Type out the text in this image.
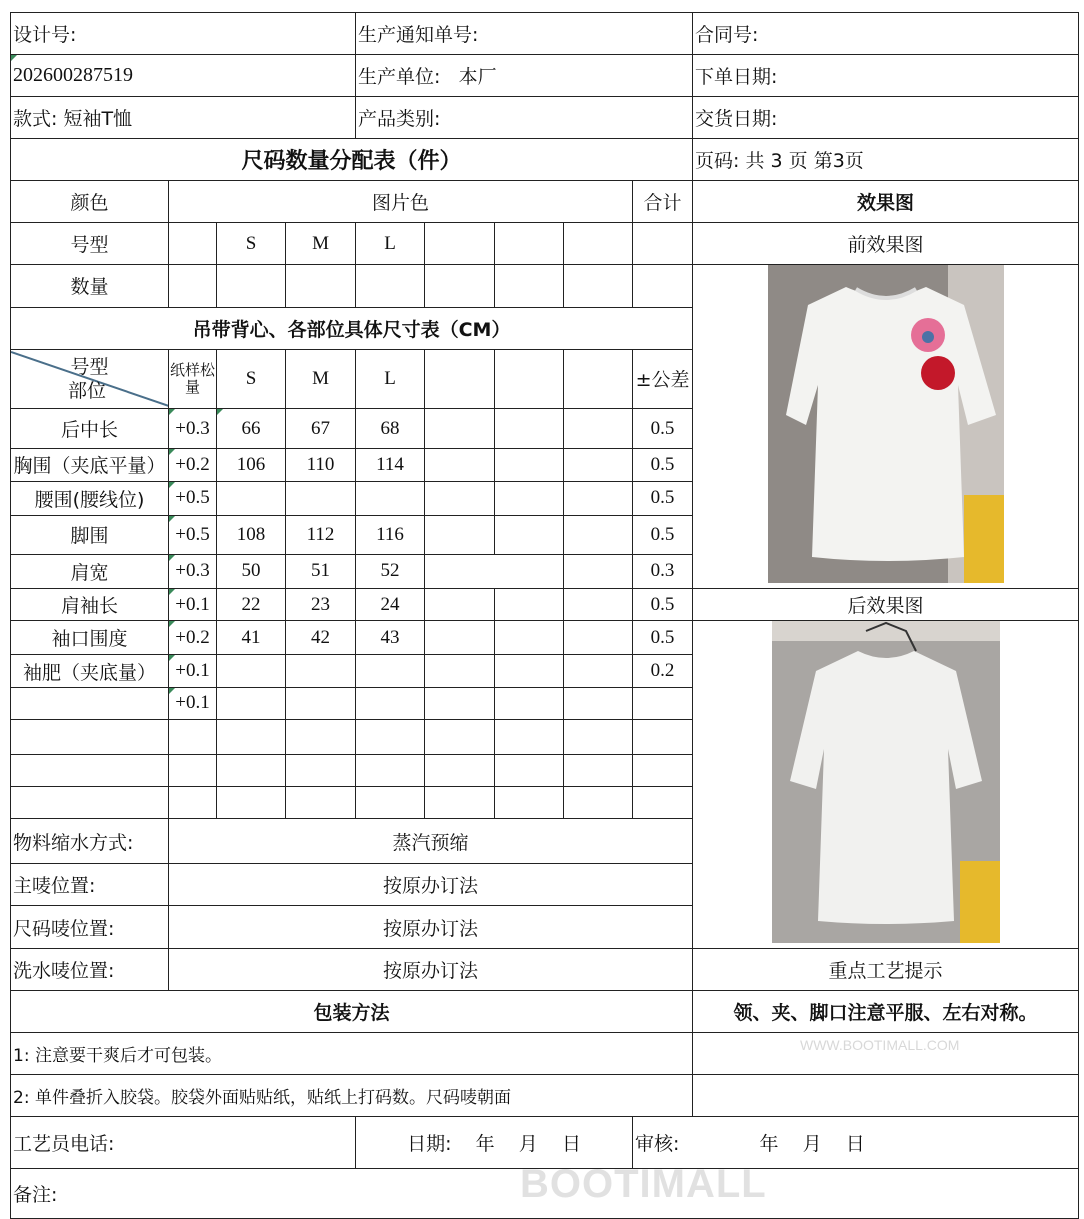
设计号:				生产通知单号:					合同号:
202600287519				生产单位: 本厂					下单日期:
款式: 短袖T恤				产品类别:					交货日期:
尺码数量分配表（件）									页码: 共 3 页 第3页
颜色	图片色							合计	效果图
号型		S	M	L					前效果图
数量									
吊带背心、各部位具体尺寸表（CM）									

号型
部位	纸样松量	S	M	L				±公差	
后中长	+0.3	66	67	68				0.5	
胸围（夹底平量）	+0.2	106	110	114				0.5	
腰围(腰线位)	+0.5							0.5	
脚围	+0.5	108	112	116				0.5	
肩宽	+0.3	50	51	52				0.3	
肩袖长	+0.1	22	23	24				0.5	后效果图
袖口围度	+0.2	41	42	43				0.5	
袖肥（夹底量）	+0.1							0.2	
	+0.1								

物料缩水方式:	蒸汽预缩								
主唛位置:	按原办订法								
尺码唛位置:	按原办订法								
洗水唛位置:	按原办订法								重点工艺提示
包装方法									领、夹、脚口注意平服、左右对称。
1: 注意要干爽后才可包装。									
2: 单件叠折入胶袋。胶袋外面贴贴纸，贴纸上打码数。尺码唛朝面									
工艺员电话:				日期:    年    月    日				审核: 年    月    日	
备注:										BOOTIMALL
WWW.BOOTIMALL.COM
